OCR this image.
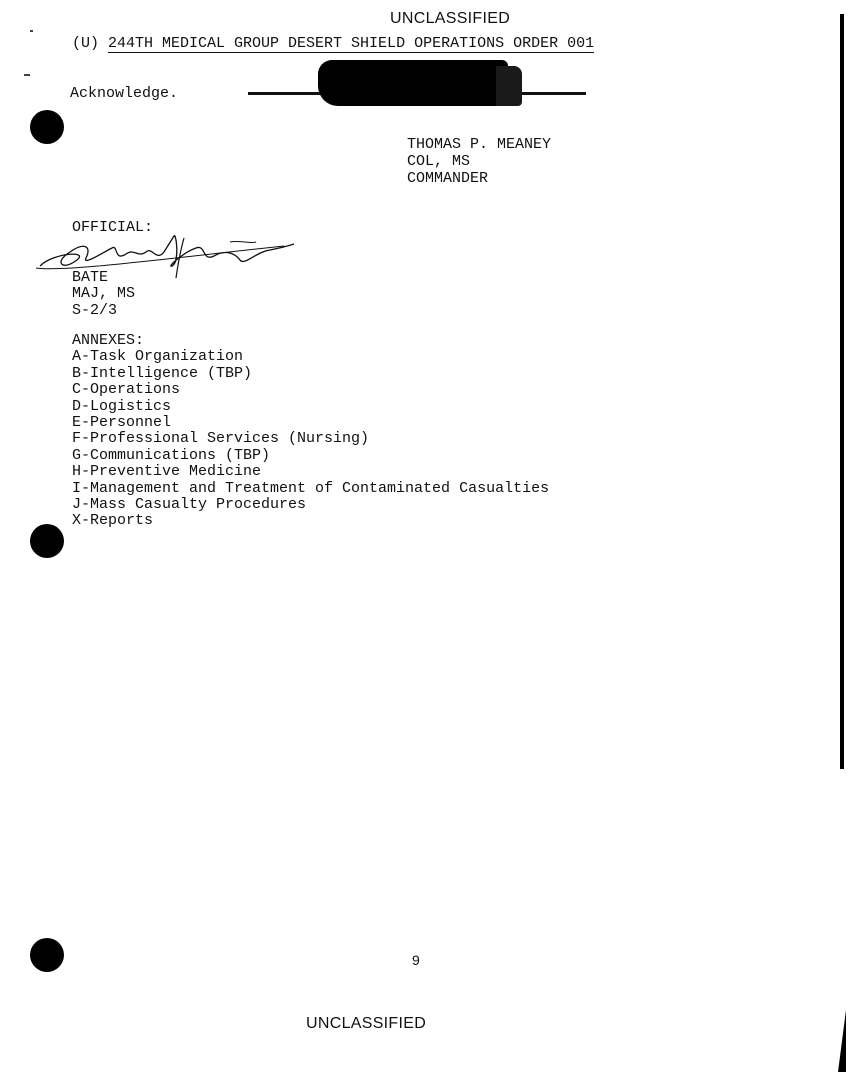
UNCLASSIFIED
(U) 244TH MEDICAL GROUP DESERT SHIELD OPERATIONS ORDER 001
Acknowledge.
THOMAS P. MEANEY
COL, MS
COMMANDER
OFFICIAL:
BATE
MAJ, MS
S-2/3
ANNEXES:
A-Task Organization
B-Intelligence (TBP)
C-Operations
D-Logistics
E-Personnel
F-Professional Services (Nursing)
G-Communications (TBP)
H-Preventive Medicine
I-Management and Treatment of Contaminated Casualties
J-Mass Casualty Procedures
X-Reports
9
UNCLASSIFIED
